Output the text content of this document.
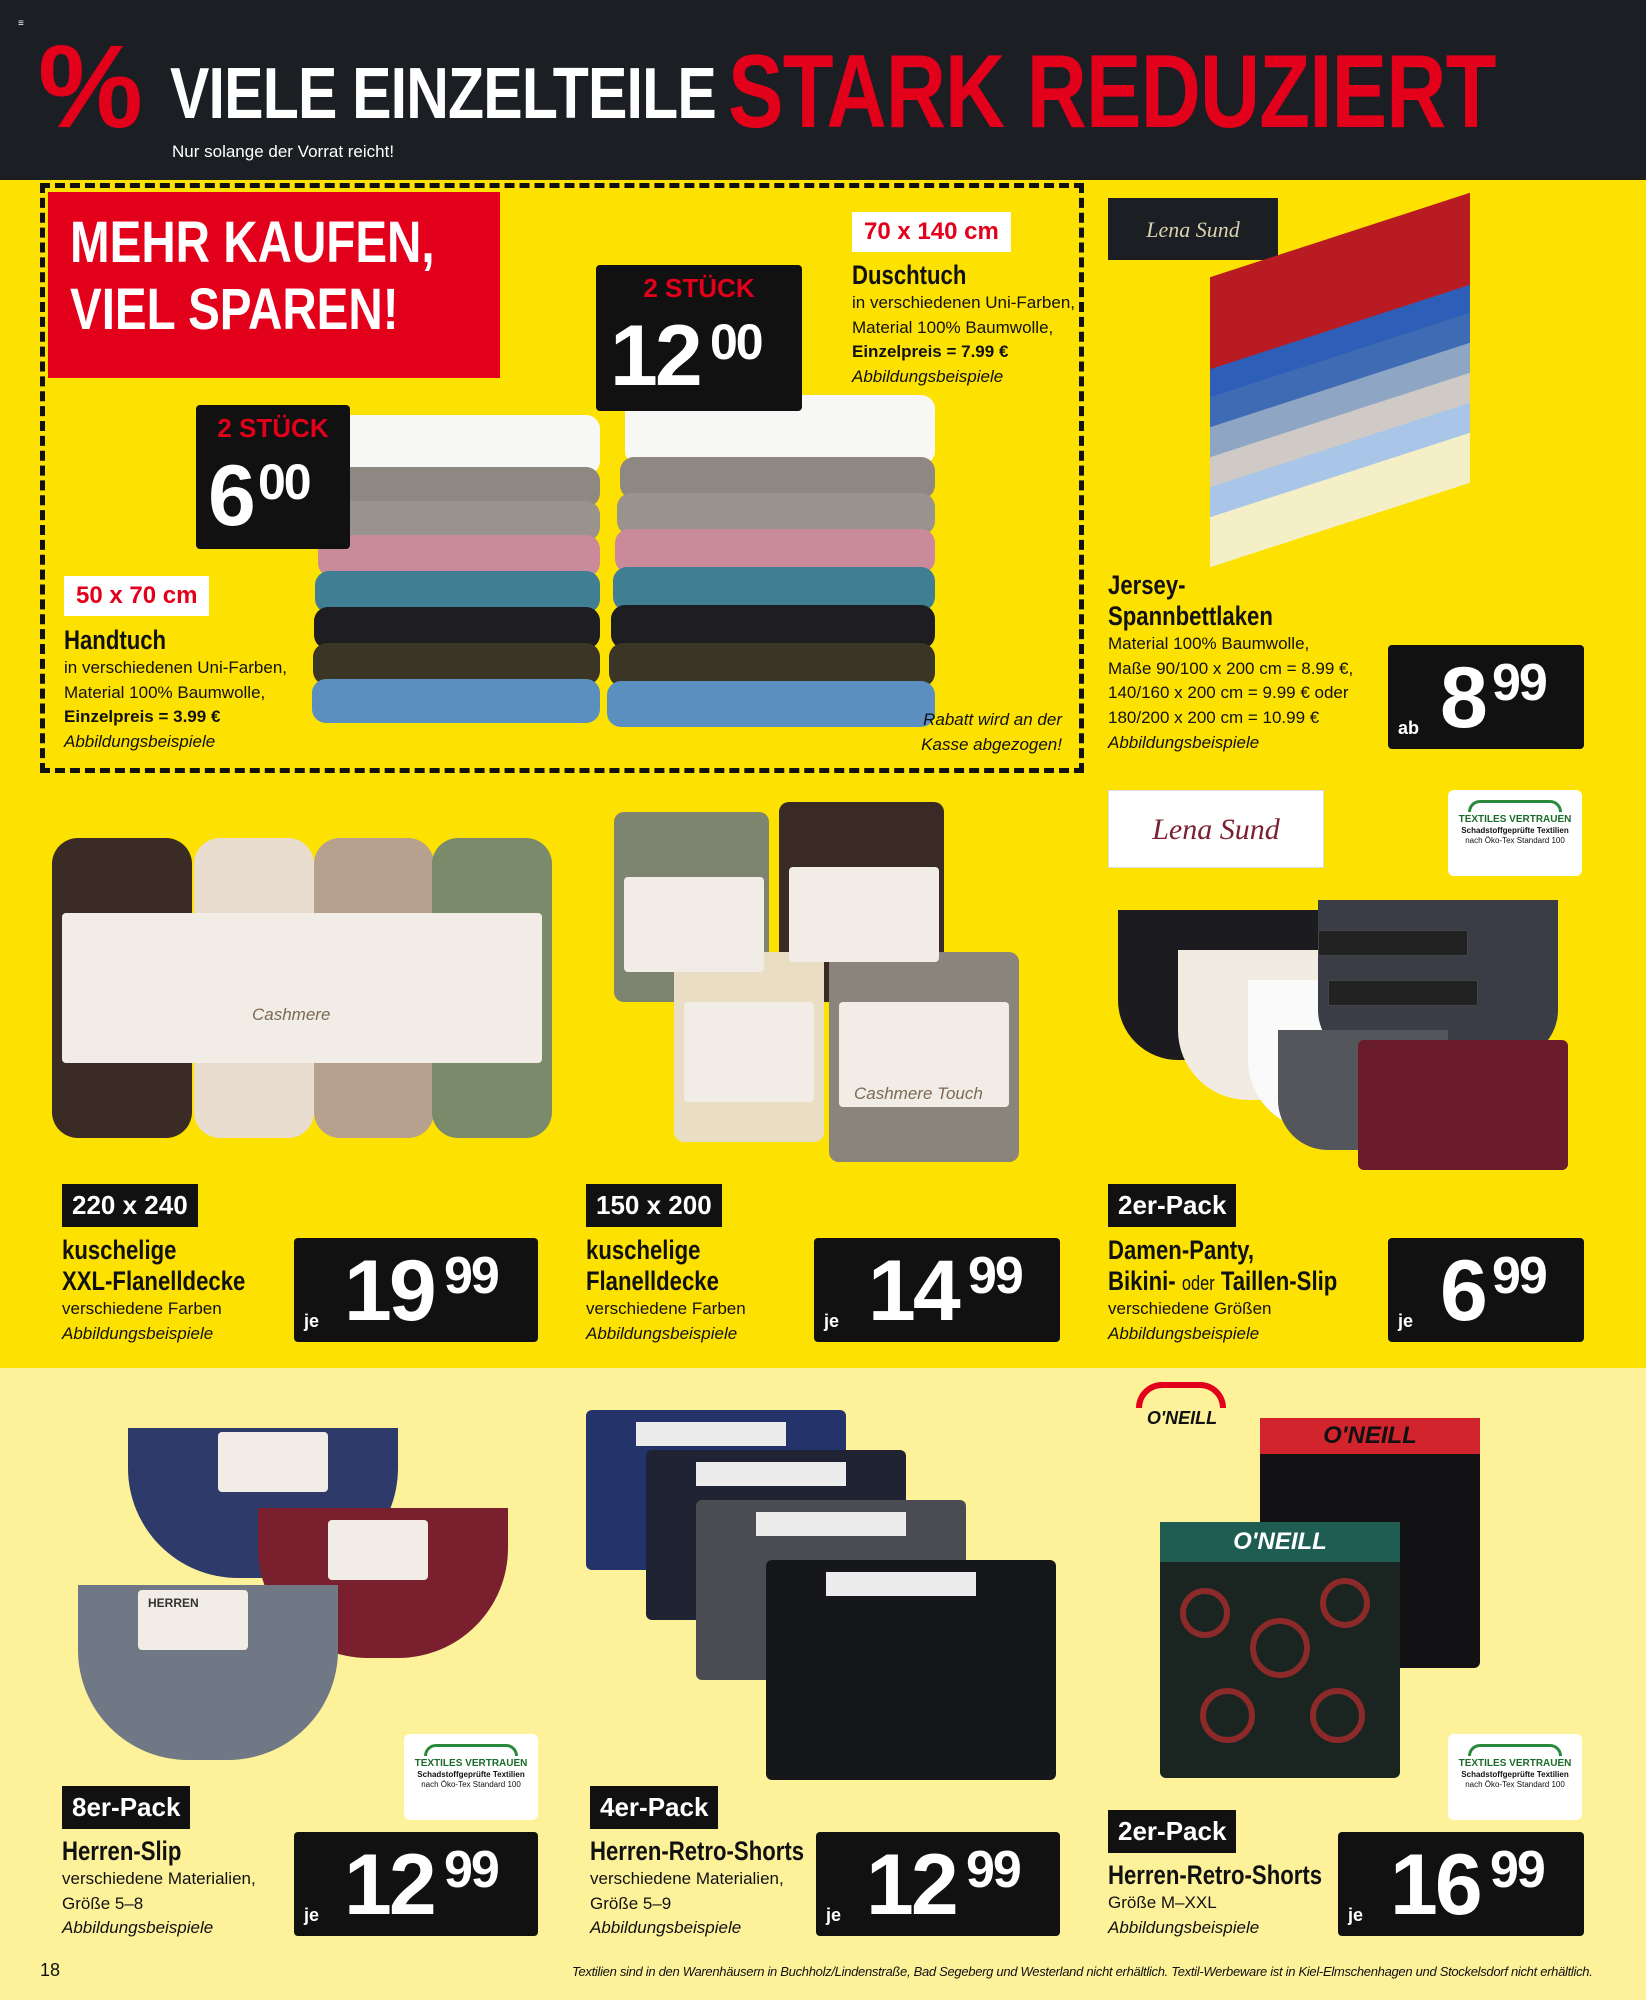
≡ % VIELE EINZELTEILE
Nur solange der Vorrat reicht!
STARK REDUZIERT
MEHR KAUFEN,
VIEL SPAREN!
2 STÜCK
6 00
2 STÜCK
12 00
70 x 140 cm
Duschtuch
in verschiedenen Uni-Farben,
Material 100% Baumwolle,
Einzelpreis = 7.99 €
Abbildungsbeispiele
50 x 70 cm
Handtuch
in verschiedenen Uni-Farben,
Material 100% Baumwolle,
Einzelpreis = 3.99 €
Abbildungsbeispiele
Rabatt wird an der
Kasse abgezogen!
Lena Sund
Jersey-
Spannbettlaken
Material 100% Baumwolle,
Maße 90/100 x 200 cm = 8.99 €,
140/160 x 200 cm = 9.99 € oder
180/200 x 200 cm = 10.99 €
Abbildungsbeispiele
ab 8 99
Cashmere
220 x 240
kuschelige
XXL-Flanelldecke
verschiedene Farben
Abbildungsbeispiele
je 19 99
Cashmere Touch
150 x 200
kuschelige
Flanelldecke
verschiedene Farben
Abbildungsbeispiele
je 14 99
Lena Sund	TEXTILES VERTRAUEN
Schadstoffgeprüfte Textilien
nach Öko-Tex Standard 100
2er-Pack
Damen-Panty,
Bikini- oder Taillen-Slip
verschiedene Größen
Abbildungsbeispiele
je 6 99
HERREN
TEXTILES VERTRAUEN
Schadstoffgeprüfte Textilien
nach Öko-Tex Standard 100
8er-Pack
Herren-Slip
verschiedene Materialien,
Größe 5–8
Abbildungsbeispiele
je 12 99
4er-Pack
Herren-Retro-Shorts
verschiedene Materialien,
Größe 5–9
Abbildungsbeispiele
je 12 99
O'NEILL
O'NEILL
O'NEILL
TEXTILES VERTRAUEN
Schadstoffgeprüfte Textilien
nach Öko-Tex Standard 100
2er-Pack
Herren-Retro-Shorts
Größe M–XXL
Abbildungsbeispiele
je 16 99
18	Textilien sind in den Warenhäusern in Buchholz/Lindenstraße, Bad Segeberg und Westerland nicht erhältlich. Textil-Werbeware ist in Kiel-Elmschenhagen und Stockelsdorf nicht erhältlich.
